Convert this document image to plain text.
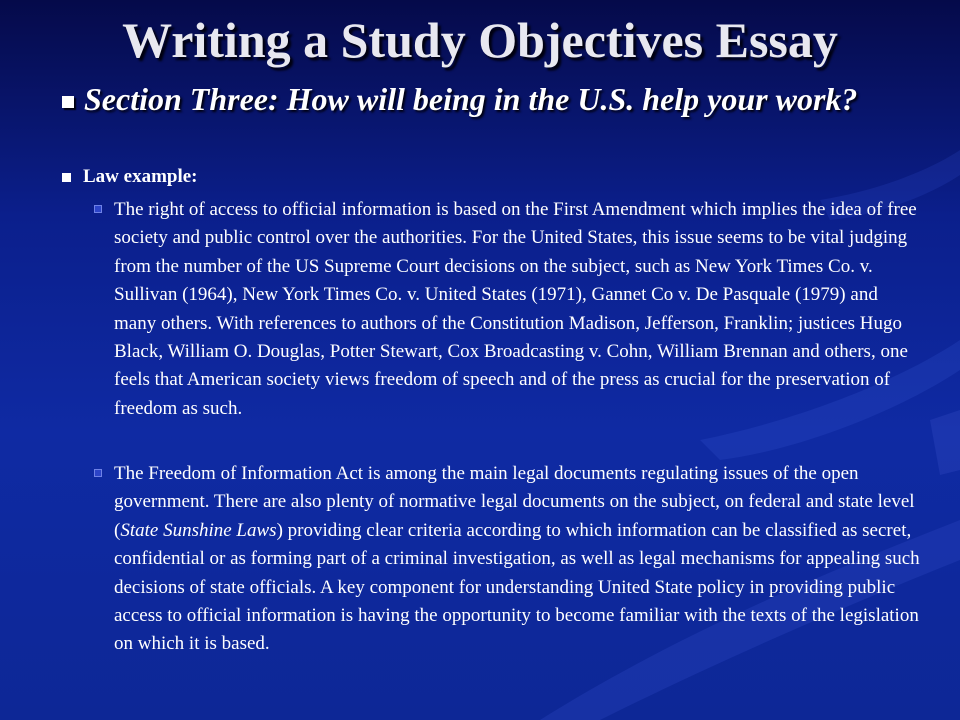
Writing a Study Objectives Essay
Section Three: How will being in the U.S. help your work?
Law example:
The right of access to official information is based on the First Amendment which implies the idea of free society and public control over the authorities. For the United States, this issue seems to be vital judging from the number of the US Supreme Court decisions on the subject, such as New York Times Co. v. Sullivan (1964), New York Times Co. v. United States (1971), Gannet Co v. De Pasquale (1979) and many others. With references to authors of the Constitution Madison, Jefferson, Franklin; justices Hugo Black, William O. Douglas, Potter Stewart, Cox Broadcasting v. Cohn, William Brennan and others, one feels that American society views freedom of speech and of the press as crucial for the preservation of freedom as such.
The Freedom of Information Act is among the main legal documents regulating issues of the open government. There are also plenty of normative legal documents on the subject, on federal and state level (State Sunshine Laws) providing clear criteria according to which information can be classified as secret, confidential or as forming part of a criminal investigation, as well as legal mechanisms for appealing such decisions of state officials. A key component for understanding United State policy in providing public access to official information is having the opportunity to become familiar with the texts of the legislation on which it is based.
